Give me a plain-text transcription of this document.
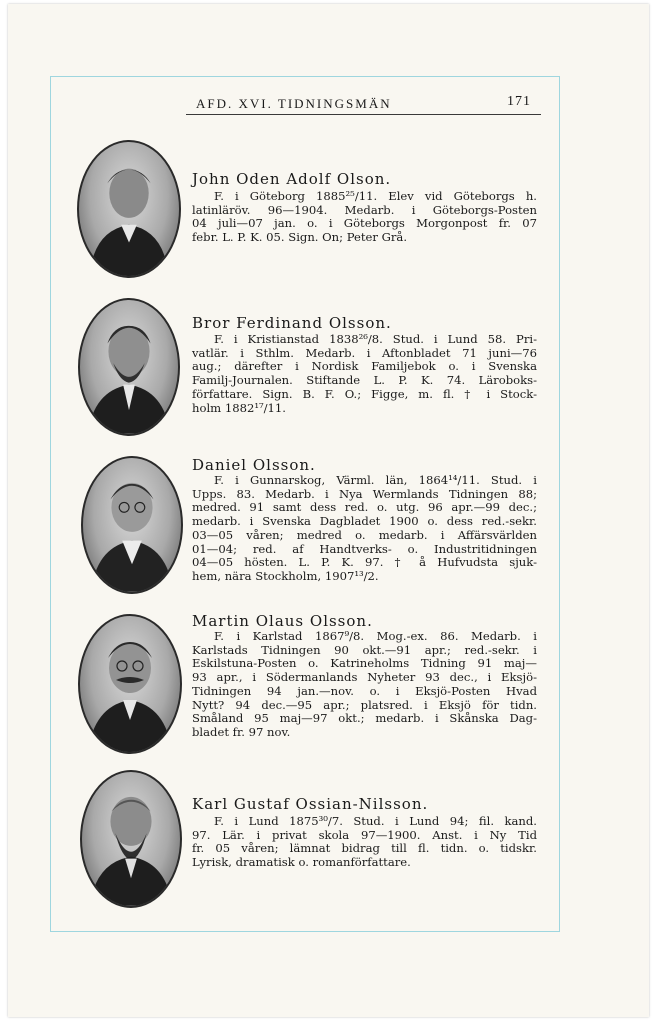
AFD. XVI. TIDNINGSMÄN	171
John Oden Adolf Olson.
F. i Göteborg 1885²⁵/11. Elev vid Göteborgs h.
latinläröv. 96—1904. Medarb. i Göteborgs-Posten
04 juli—07 jan. o. i Göteborgs Morgonpost fr. 07
febr. L. P. K. 05. Sign. On; Peter Grå.
Bror Ferdinand Olsson.
F. i Kristianstad 1838²⁶/8. Stud. i Lund 58. Pri-
vatlär. i Sthlm. Medarb. i Aftonbladet 71 juni—76
aug.; därefter i Nordisk Familjebok o. i Svenska
Familj-Journalen. Stiftande L. P. K. 74. Läroboks-
författare. Sign. B. F. O.; Figge, m. fl. † i Stock-
holm 1882¹⁷/11.
Daniel Olsson.
F. i Gunnarskog, Värml. län, 1864¹⁴/11. Stud. i
Upps. 83. Medarb. i Nya Wermlands Tidningen 88;
medred. 91 samt dess red. o. utg. 96 apr.—99 dec.;
medarb. i Svenska Dagbladet 1900 o. dess red.-sekr.
03—05 våren; medred o. medarb. i Affärsvärlden
01—04; red. af Handtverks- o. Industritidningen
04—05 hösten. L. P. K. 97. † å Hufvudsta sjuk-
hem, nära Stockholm, 1907¹³/2.
Martin Olaus Olsson.
F. i Karlstad 1867⁹/8. Mog.-ex. 86. Medarb. i
Karlstads Tidningen 90 okt.—91 apr.; red.-sekr. i
Eskilstuna-Posten o. Katrineholms Tidning 91 maj—
93 apr., i Södermanlands Nyheter 93 dec., i Eksjö-
Tidningen 94 jan.—nov. o. i Eksjö-Posten Hvad
Nytt? 94 dec.—95 apr.; platsred. i Eksjö för tidn.
Småland 95 maj—97 okt.; medarb. i Skånska Dag-
bladet fr. 97 nov.
Karl Gustaf Ossian-Nilsson.
F. i Lund 1875³⁰/7. Stud. i Lund 94; fil. kand.
97. Lär. i privat skola 97—1900. Anst. i Ny Tid
fr. 05 våren; lämnat bidrag till fl. tidn. o. tidskr.
Lyrisk, dramatisk o. romanförfattare.
